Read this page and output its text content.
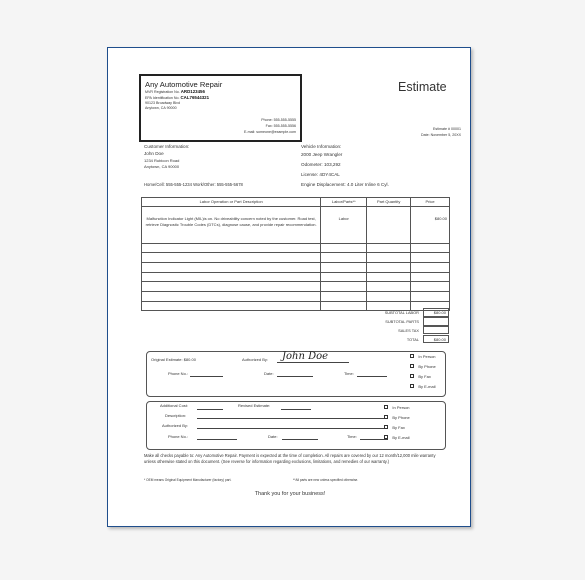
Any Automotive Repair
MVR Registration No. ARD123456
EPA Identification No. CAL76544321
90123 Broadway Blvd
Anytown, CA 90000
Phone: 555-555-5555
Fax: 555-555-5556
E-mail: someone@example.com
Estimate
Estimate # 00001
Date: November 5, 20XX
Customer Information:
John Doe
1234 Rubicon Road
Anytown, CA 90000
Home/Cell: 555-555-1234 Work/Other: 555-555-5678
Vehicle Information:
2000 Jeep Wrangler
Odometer: 103,292
License: 4DY4CAL
Engine Displacement: 4.0 Liter Inline 6 Cyl.
Labor Operation or Part Description	Labor/Parts**	Part Quantity	Price
Malfunction Indicator Light (MIL)is on. No driveability concern noted by the customer. Road test, retrieve Diagnostic Trouble Codes (DTCs), diagnose cause, and provide repair recommendation.	Labor		$80.00

SUBTOTAL LABOR	$80.00
SUBTOTAL PARTS
SALES TAX
TOTAL	$80.00
Original Estimate: $80.00	Authorized By: John Doe
Phone No.:	Date:	Time:
In Person
By Phone
By Fax
By E-mail
Additional Cost:	Revised Estimate:
Description:
Authorized By:
Phone No.:	Date:	Time:
In Person
By Phone
By Fax
By E-mail
Make all checks payable to: Any Automotive Repair. Payment is expected at the time of completion. All repairs are covered by our 12 month/12,000 mile warranty unless otherwise stated on this document. (See reverse for information regarding exclusions, limitations, and remedies of our warranty.)
* OEM means Original Equipment Manufacturer (factory) part.	**All parts are new unless specified otherwise.
Thank you for your business!
